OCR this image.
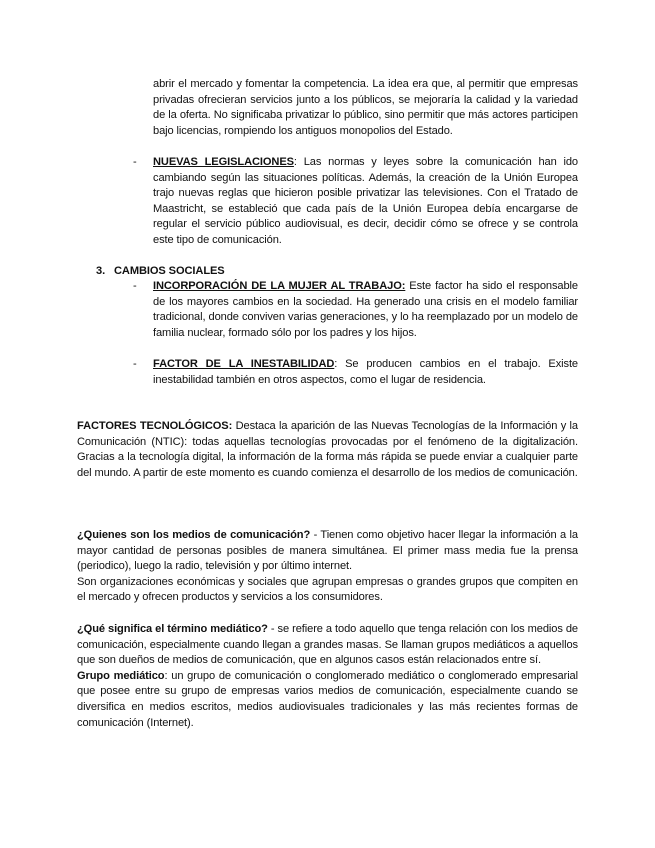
abrir el mercado y fomentar la competencia. La idea era que, al permitir que empresas privadas ofrecieran servicios junto a los públicos, se mejoraría la calidad y la variedad de la oferta. No significaba privatizar lo público, sino permitir que más actores participen bajo licencias, rompiendo los antiguos monopolios del Estado.

- NUEVAS LEGISLACIONES: Las normas y leyes sobre la comunicación han ido cambiando según las situaciones políticas. Además, la creación de la Unión Europea trajo nuevas reglas que hicieron posible privatizar las televisiones. Con el Tratado de Maastricht, se estableció que cada país de la Unión Europea debía encargarse de regular el servicio público audiovisual, es decir, decidir cómo se ofrece y se controla este tipo de comunicación.

3. CAMBIOS SOCIALES

- INCORPORACIÓN DE LA MUJER AL TRABAJO: Este factor ha sido el responsable de los mayores cambios en la sociedad. Ha generado una crisis en el modelo familiar tradicional, donde conviven varias generaciones, y lo ha reemplazado por un modelo de familia nuclear, formado sólo por los padres y los hijos.

- FACTOR DE LA INESTABILIDAD: Se producen cambios en el trabajo. Existe inestabilidad también en otros aspectos, como el lugar de residencia.

FACTORES TECNOLÓGICOS: Destaca la aparición de las Nuevas Tecnologías de la Información y la Comunicación (NTIC): todas aquellas tecnologías provocadas por el fenómeno de la digitalización. Gracias a la tecnología digital, la información de la forma más rápida se puede enviar a cualquier parte del mundo. A partir de este momento es cuando comienza el desarrollo de los medios de comunicación.

¿Quienes son los medios de comunicación? - Tienen como objetivo hacer llegar la información a la mayor cantidad de personas posibles de manera simultánea. El primer mass media fue la prensa (periodico), luego la radio, televisión y por último internet.

Son organizaciones económicas y sociales que agrupan empresas o grandes grupos que compiten en el mercado y ofrecen productos y servicios a los consumidores.

¿Qué significa el término mediático? - se refiere a todo aquello que tenga relación con los medios de comunicación, especialmente cuando llegan a grandes masas. Se llaman grupos mediáticos a aquellos que son dueños de medios de comunicación, que en algunos casos están relacionados entre sí.

Grupo mediático: un grupo de comunicación o conglomerado mediático o conglomerado empresarial que posee entre su grupo de empresas varios medios de comunicación, especialmente cuando se diversifica en medios escritos, medios audiovisuales tradicionales y las más recientes formas de comunicación (Internet).
